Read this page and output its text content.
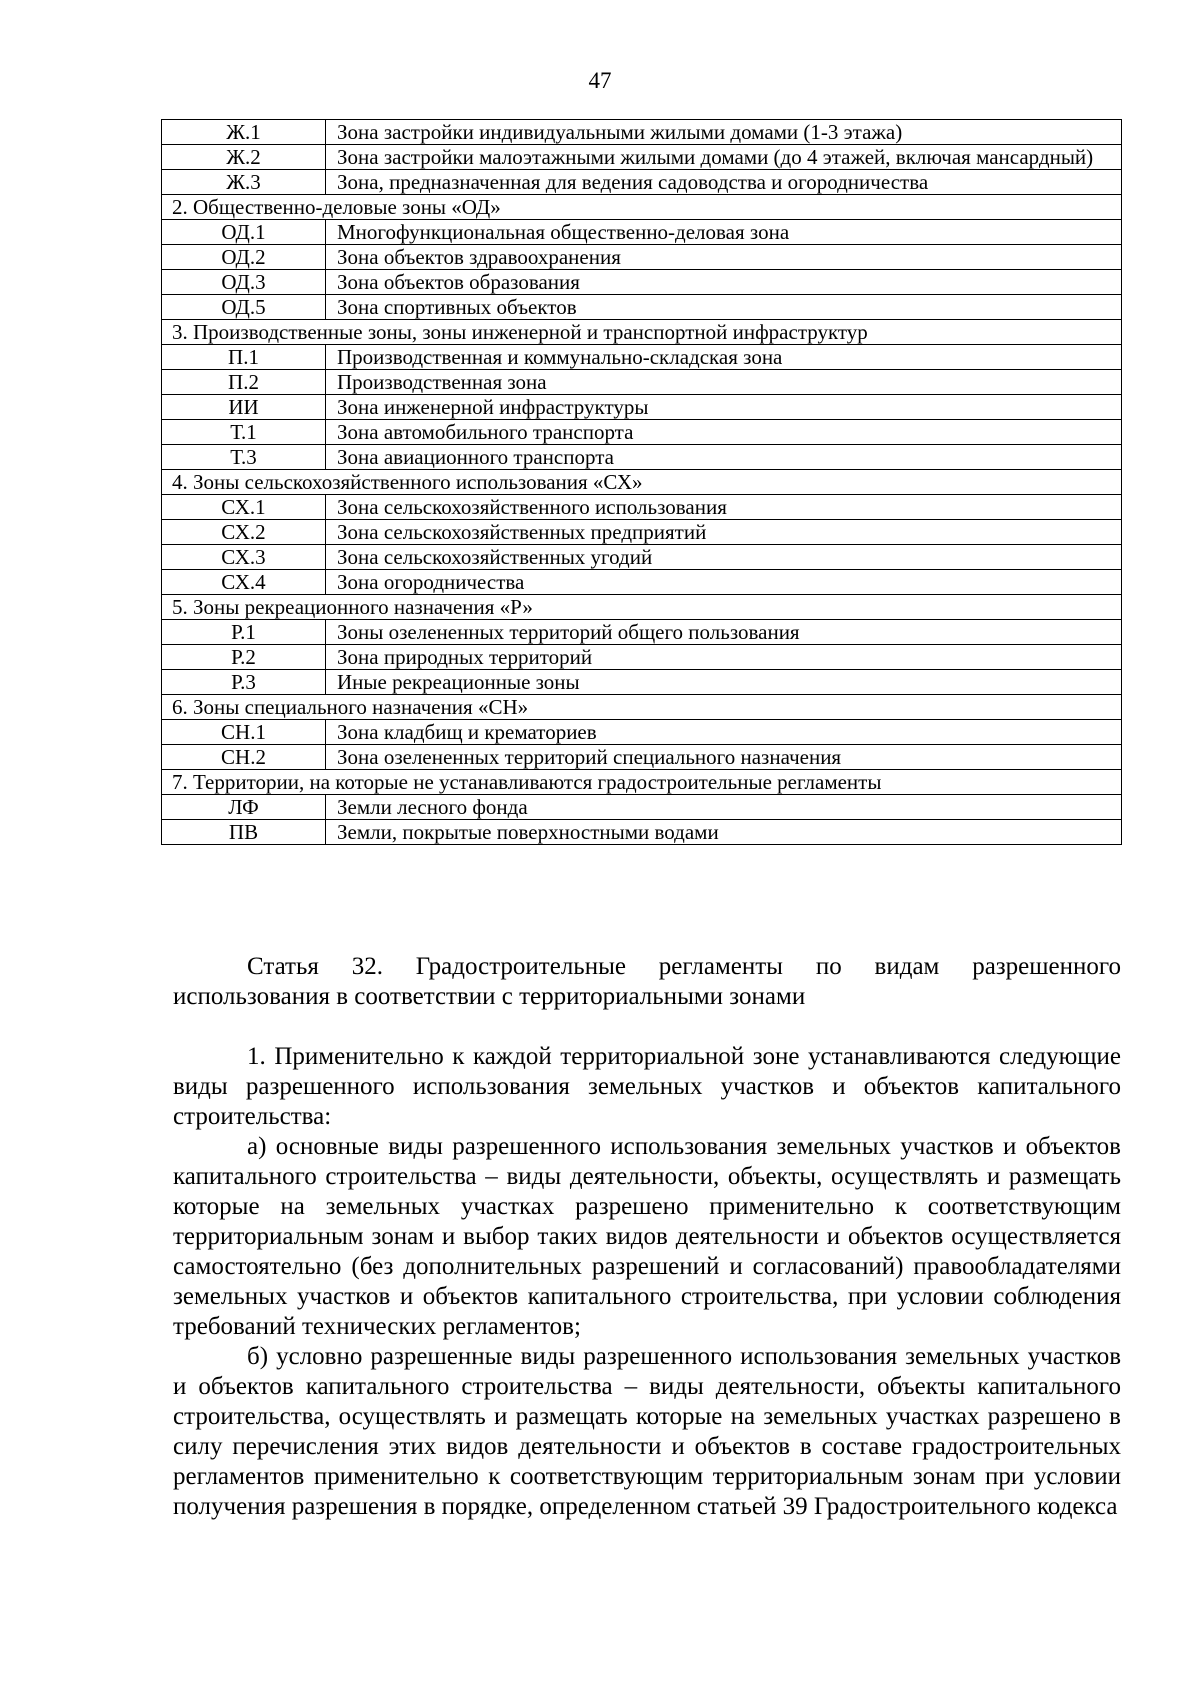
47
Ж.1	Зона застройки индивидуальными жилыми домами (1-3 этажа)
Ж.2	Зона застройки малоэтажными жилыми домами (до 4 этажей, включая мансардный)
Ж.3	Зона, предназначенная для ведения садоводства и огородничества
2. Общественно-деловые зоны «ОД»	
ОД.1	Многофункциональная общественно-деловая зона
ОД.2	Зона объектов здравоохранения
ОД.3	Зона объектов образования
ОД.5	Зона спортивных объектов
3. Производственные зоны, зоны инженерной и транспортной инфраструктур	
П.1	Производственная и коммунально-складская зона
П.2	Производственная зона
ИИ	Зона инженерной инфраструктуры
Т.1	Зона автомобильного транспорта
Т.3	Зона авиационного транспорта
4. Зоны сельскохозяйственного использования «СХ»	
СХ.1	Зона сельскохозяйственного использования
СХ.2	Зона сельскохозяйственных предприятий
СХ.3	Зона сельскохозяйственных угодий
СХ.4	Зона огородничества
5. Зоны рекреационного назначения «Р»	
Р.1	Зоны озелененных территорий общего пользования
Р.2	Зона природных территорий
Р.3	Иные рекреационные зоны
6. Зоны специального назначения «СН»	
СН.1	Зона кладбищ и крематориев
СН.2	Зона озелененных территорий специального назначения
7. Территории, на которые не устанавливаются градостроительные регламенты	
ЛФ	Земли лесного фонда
ПВ	Земли, покрытые поверхностными водами
Статья 32. Градостроительные регламенты по видам разрешенного использования в соответствии с территориальными зонами

1. Применительно к каждой территориальной зоне устанавливаются следующие виды разрешенного использования земельных участков и объектов капитального строительства:

а) основные виды разрешенного использования земельных участков и объектов капитального строительства – виды деятельности, объекты, осуществлять и размещать которые на земельных участках разрешено применительно к соответствующим территориальным зонам и выбор таких видов деятельности и объектов осуществляется самостоятельно (без дополнительных разрешений и согласований) правообладателями земельных участков и объектов капитального строительства, при условии соблюдения требований технических регламентов;

б) условно разрешенные виды разрешенного использования земельных участков и объектов капитального строительства – виды деятельности, объекты капитального строительства, осуществлять и размещать которые на земельных участках разрешено в силу перечисления этих видов деятельности и объектов в составе градостроительных регламентов применительно к соответствующим территориальным зонам при условии получения разрешения в порядке, определенном статьей 39 Градостроительного кодекса
